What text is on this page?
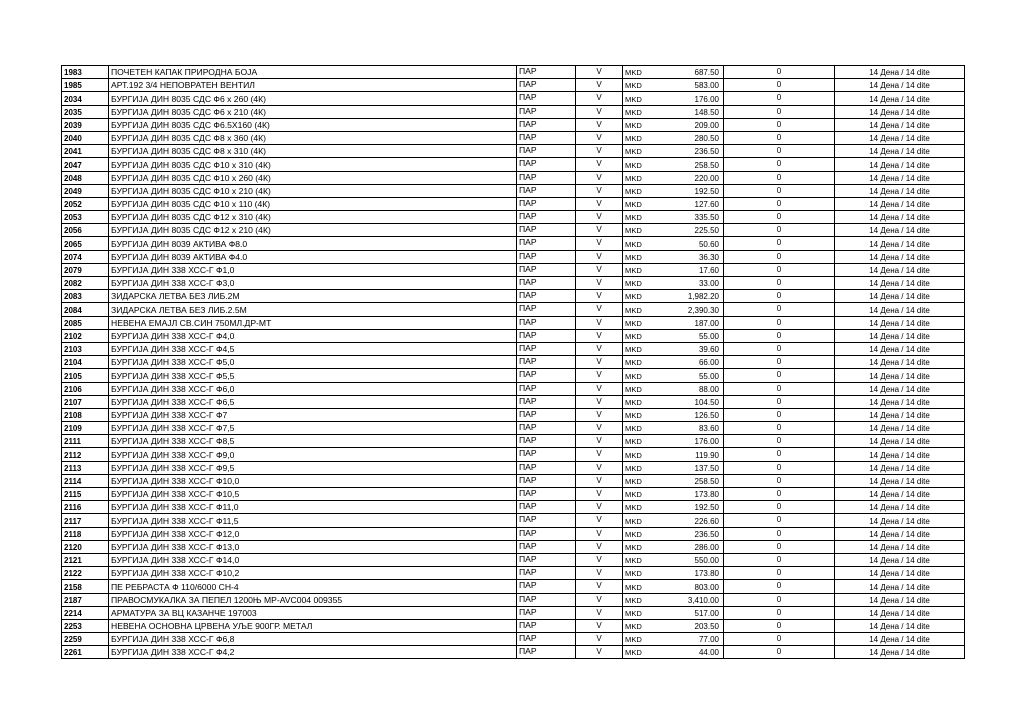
1983	ПОЧЕТЕН КАПАК ПРИРОДНА БОЈА	ПАР	V	MKD	687.50	0	14 Дена / 14 dite
1985	АРТ.192 3/4 НЕПОВРАТЕН ВЕНТИЛ	ПАР	V	MKD	583.00	0	14 Дена / 14 dite
2034	БУРГИЈА ДИН 8035 СДС Ф6 x 260 (4К)	ПАР	V	MKD	176.00	0	14 Дена / 14 dite
2035	БУРГИЈА ДИН 8035 СДС Ф6 x 210 (4К)	ПАР	V	MKD	148.50	0	14 Дена / 14 dite
2039	БУРГИЈА ДИН 8035 СДС Ф6.5X160 (4К)	ПАР	V	MKD	209.00	0	14 Дена / 14 dite
2040	БУРГИЈА ДИН 8035 СДС Ф8 x 360 (4К)	ПАР	V	MKD	280.50	0	14 Дена / 14 dite
2041	БУРГИЈА ДИН 8035 СДС Ф8 x 310 (4К)	ПАР	V	MKD	236.50	0	14 Дена / 14 dite
2047	БУРГИЈА ДИН 8035 СДС Ф10 x 310 (4К)	ПАР	V	MKD	258.50	0	14 Дена / 14 dite
2048	БУРГИЈА ДИН 8035 СДС Ф10 x 260 (4К)	ПАР	V	MKD	220.00	0	14 Дена / 14 dite
2049	БУРГИЈА ДИН 8035 СДС Ф10 x 210 (4К)	ПАР	V	MKD	192.50	0	14 Дена / 14 dite
2052	БУРГИЈА ДИН 8035 СДС Ф10 x 110 (4К)	ПАР	V	MKD	127.60	0	14 Дена / 14 dite
2053	БУРГИЈА ДИН 8035 СДС Ф12 x 310 (4К)	ПАР	V	MKD	335.50	0	14 Дена / 14 dite
2056	БУРГИЈА ДИН 8035 СДС Ф12 x 210 (4К)	ПАР	V	MKD	225.50	0	14 Дена / 14 dite
2065	БУРГИЈА ДИН 8039 АКТИВА Ф8.0	ПАР	V	MKD	50.60	0	14 Дена / 14 dite
2074	БУРГИЈА ДИН 8039 АКТИВА Ф4.0	ПАР	V	MKD	36.30	0	14 Дена / 14 dite
2079	БУРГИЈА ДИН 338 ХСС-Г Ф1,0	ПАР	V	MKD	17.60	0	14 Дена / 14 dite
2082	БУРГИЈА ДИН 338 ХСС-Г Ф3,0	ПАР	V	MKD	33.00	0	14 Дена / 14 dite
2083	ЗИДАРСКА ЛЕТВА БЕЗ ЛИБ.2М	ПАР	V	MKD	1,982.20	0	14 Дена / 14 dite
2084	ЗИДАРСКА ЛЕТВА БЕЗ ЛИБ.2.5М	ПАР	V	MKD	2,390.30	0	14 Дена / 14 dite
2085	НЕВЕНА ЕМАЈЛ СВ.СИН 750МЛ.ДР-МТ	ПАР	V	MKD	187.00	0	14 Дена / 14 dite
2102	БУРГИЈА ДИН 338 ХСС-Г Ф4,0	ПАР	V	MKD	55.00	0	14 Дена / 14 dite
2103	БУРГИЈА ДИН 338 ХСС-Г Ф4,5	ПАР	V	MKD	39.60	0	14 Дена / 14 dite
2104	БУРГИЈА ДИН 338 ХСС-Г Ф5,0	ПАР	V	MKD	66.00	0	14 Дена / 14 dite
2105	БУРГИЈА ДИН 338 ХСС-Г Ф5,5	ПАР	V	MKD	55.00	0	14 Дена / 14 dite
2106	БУРГИЈА ДИН 338 ХСС-Г Ф6,0	ПАР	V	MKD	88.00	0	14 Дена / 14 dite
2107	БУРГИЈА ДИН 338 ХСС-Г Ф6,5	ПАР	V	MKD	104.50	0	14 Дена / 14 dite
2108	БУРГИЈА ДИН 338 ХСС-Г Ф7	ПАР	V	MKD	126.50	0	14 Дена / 14 dite
2109	БУРГИЈА ДИН 338 ХСС-Г Ф7,5	ПАР	V	MKD	83.60	0	14 Дена / 14 dite
2111	БУРГИЈА ДИН 338 ХСС-Г Ф8,5	ПАР	V	MKD	176.00	0	14 Дена / 14 dite
2112	БУРГИЈА ДИН 338 ХСС-Г Ф9,0	ПАР	V	MKD	119.90	0	14 Дена / 14 dite
2113	БУРГИЈА ДИН 338 ХСС-Г Ф9,5	ПАР	V	MKD	137.50	0	14 Дена / 14 dite
2114	БУРГИЈА ДИН 338 ХСС-Г Ф10,0	ПАР	V	MKD	258.50	0	14 Дена / 14 dite
2115	БУРГИЈА ДИН 338 ХСС-Г Ф10,5	ПАР	V	MKD	173.80	0	14 Дена / 14 dite
2116	БУРГИЈА ДИН 338 ХСС-Г Ф11,0	ПАР	V	MKD	192.50	0	14 Дена / 14 dite
2117	БУРГИЈА ДИН 338 ХСС-Г Ф11,5	ПАР	V	MKD	226.60	0	14 Дена / 14 dite
2118	БУРГИЈА ДИН 338 ХСС-Г Ф12,0	ПАР	V	MKD	236.50	0	14 Дена / 14 dite
2120	БУРГИЈА ДИН 338 ХСС-Г Ф13,0	ПАР	V	MKD	286.00	0	14 Дена / 14 dite
2121	БУРГИЈА ДИН 338 ХСС-Г Ф14,0	ПАР	V	MKD	550.00	0	14 Дена / 14 dite
2122	БУРГИЈА ДИН 338 ХСС-Г Ф10,2	ПАР	V	MKD	173.80	0	14 Дена / 14 dite
2158	ПЕ РЕБРАСТА Ф 110/6000 СН-4	ПАР	V	MKD	803.00	0	14 Дена / 14 dite
2187	ПРАВОСМУКАЛКА ЗА ПЕПЕЛ 1200Њ MP-AVC004 009355	ПАР	V	MKD	3,410.00	0	14 Дена / 14 dite
2214	АРМАТУРА ЗА ВЦ КАЗАНЧЕ 197003	ПАР	V	MKD	517.00	0	14 Дена / 14 dite
2253	НЕВЕНА ОСНОВНА ЦРВЕНА УЉЕ 900ГР. МЕТАЛ	ПАР	V	MKD	203.50	0	14 Дена / 14 dite
2259	БУРГИЈА ДИН 338 ХСС-Г Ф6,8	ПАР	V	MKD	77.00	0	14 Дена / 14 dite
2261	БУРГИЈА ДИН 338 ХСС-Г Ф4,2	ПАР	V	MKD	44.00	0	14 Дена / 14 dite
